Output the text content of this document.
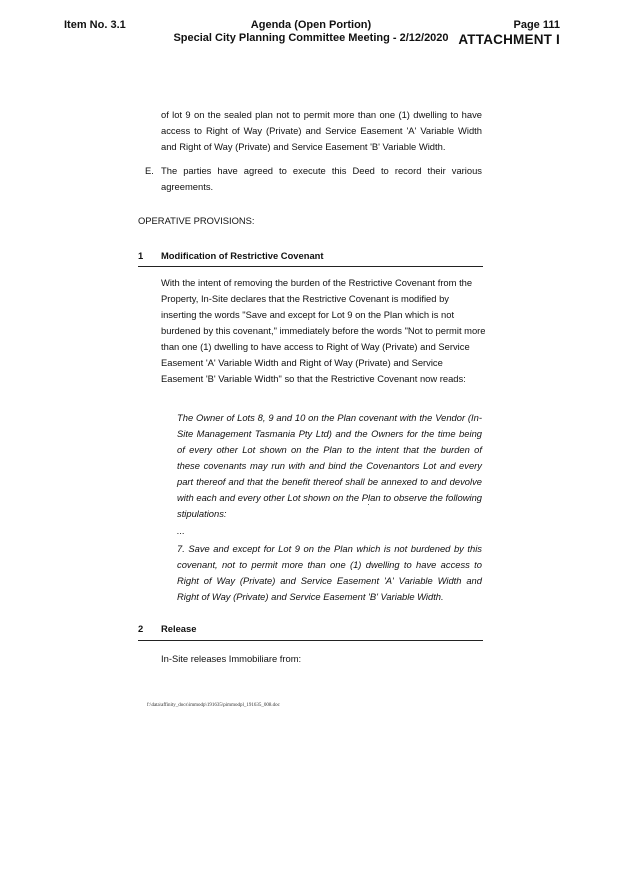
Item No. 3.1	Agenda (Open Portion)
Special City Planning Committee Meeting - 2/12/2020
Page 111
ATTACHMENT I
of lot 9 on the sealed plan not to permit more than one (1) dwelling to have access to Right of Way (Private) and Service Easement 'A' Variable Width and Right of Way (Private) and Service Easement 'B' Variable Width.
E. The parties have agreed to execute this Deed to record their various agreements.
OPERATIVE PROVISIONS:
1 Modification of Restrictive Covenant
With the intent of removing the burden of the Restrictive Covenant from the Property, In-Site declares that the Restrictive Covenant is modified by inserting the words "Save and except for Lot 9 on the Plan which is not burdened by this covenant," immediately before the words "Not to permit more than one (1) dwelling to have access to Right of Way (Private) and Service Easement 'A' Variable Width and Right of Way (Private) and Service Easement 'B' Variable Width" so that the Restrictive Covenant now reads:
The Owner of Lots 8, 9 and 10 on the Plan covenant with the Vendor (In-Site Management Tasmania Pty Ltd) and the Owners for the time being of every other Lot shown on the Plan to the intent that the burden of these covenants may run with and bind the Covenantors Lot and every part thereof and that the benefit thereof shall be annexed to and devolve with each and every other Lot shown on the Plan to observe the following stipulations:
...
7. Save and except for Lot 9 on the Plan which is not burdened by this covenant, not to permit more than one (1) dwelling to have access to Right of Way (Private) and Service Easement 'A' Variable Width and Right of Way (Private) and Service Easement 'B' Variable Width.
2 Release
In-Site releases Immobiliare from:
f:\data\affinity_docs\immodp\191635\pimmodpl_191635_008.doc
